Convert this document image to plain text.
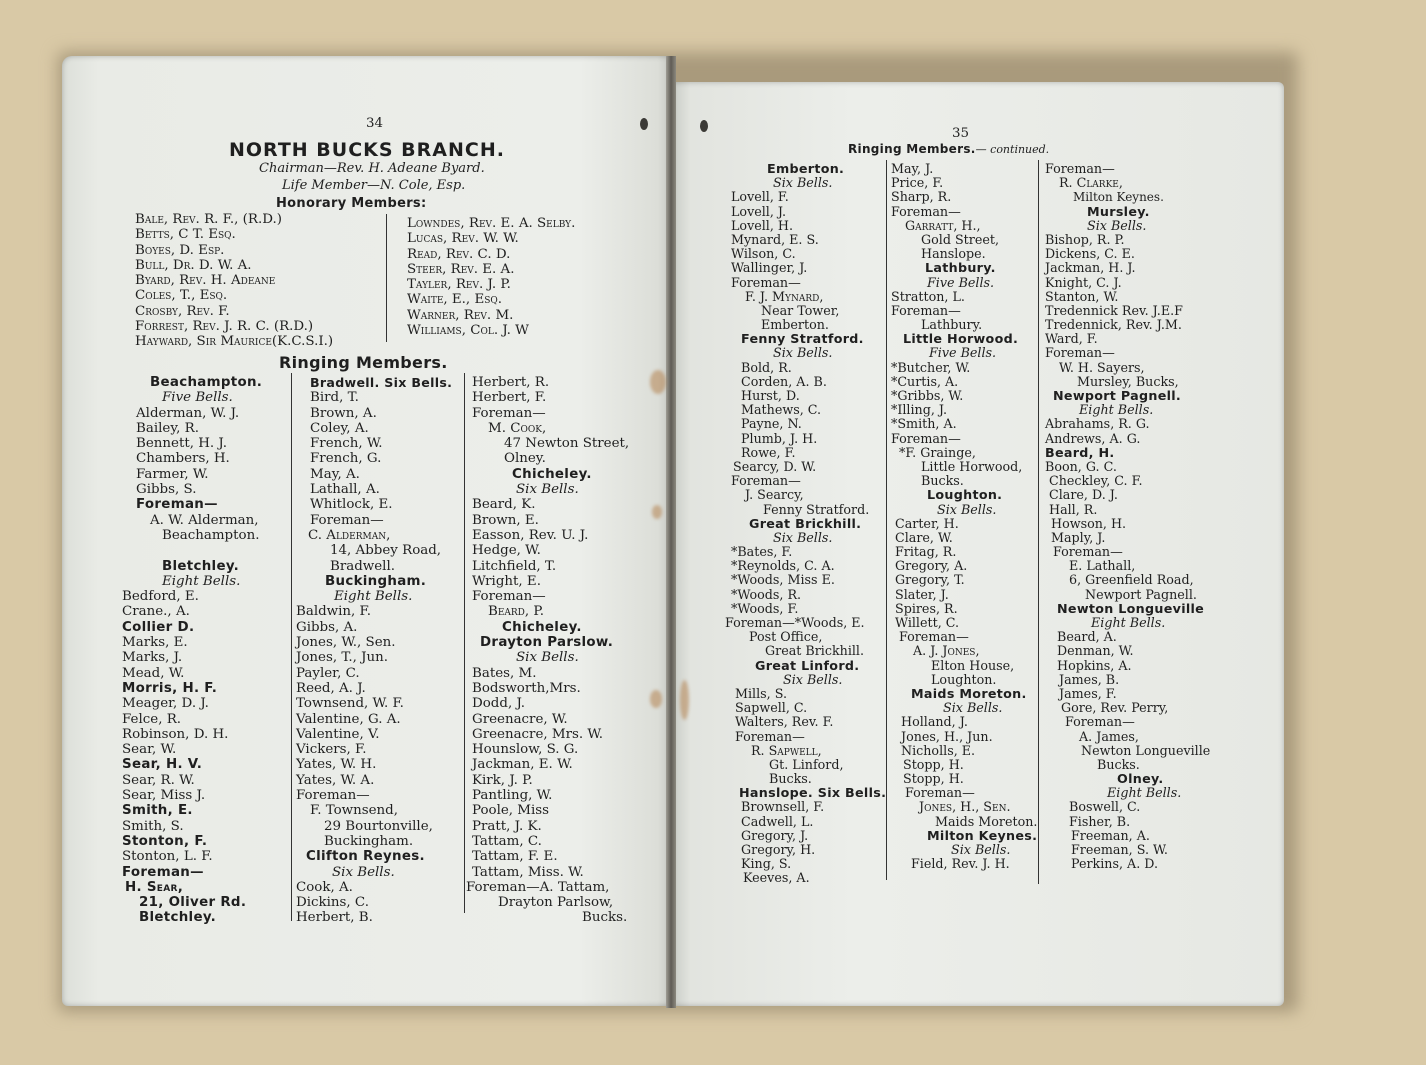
34
NORTH BUCKS BRANCH.
Chairman—Rev. H. Adeane Byard.
Life Member—N. Cole, Esp.
Honorary Members:
Bale, Rev. R. F., (R.D.)
Betts, C T. Esq.
Boyes, D. Esp.
Bull, Dr. D. W. A.
Byard, Rev. H. Adeane
Coles, T., Esq.
Crosby, Rev. F.
Forrest, Rev. J. R. C. (R.D.)
Hayward, Sir Maurice(K.C.S.I.)
Lowndes, Rev. E. A. Selby.
Lucas, Rev. W. W.
Read, Rev. C. D.
Steer, Rev. E. A.
Tayler, Rev. J. P.
Waite, E., Esq.
Warner, Rev. M.
Williams, Col. J. W
Ringing Members.
Beachampton.
Five Bells.
Alderman, W. J.
Bailey, R.
Bennett, H. J.
Chambers, H.
Farmer, W.
Gibbs, S.
Foreman—
A. W. Alderman,
Beachampton.
Bletchley.
Eight Bells.
Bedford, E.
Crane., A.
Collier D.
Marks, E.
Marks, J.
Mead, W.
Morris, H. F.
Meager, D. J.
Felce, R.
Robinson, D. H.
Sear, W.
Sear, H. V.
Sear, R. W.
Sear, Miss J.
Smith, E.
Smith, S.
Stonton, F.
Stonton, L. F.
Foreman—
H. Sear,
21, Oliver Rd.
Bletchley.
Bradwell. Six Bells.
Bird, T.
Brown, A.
Coley, A.
French, W.
French, G.
May, A.
Lathall, A.
Whitlock, E.
Foreman—
C. Alderman,
14, Abbey Road,
Bradwell.
Buckingham.
Eight Bells.
Baldwin, F.
Gibbs, A.
Jones, W., Sen.
Jones, T., Jun.
Payler, C.
Reed, A. J.
Townsend, W. F.
Valentine, G. A.
Valentine, V.
Vickers, F.
Yates, W. H.
Yates, W. A.
Foreman—
F. Townsend,
29 Bourtonville,
Buckingham.
Clifton Reynes.
Six Bells.
Cook, A.
Dickins, C.
Herbert, B.
Herbert, R.
Herbert, F.
Foreman—
M. Cook,
47 Newton Street,
Olney.
Chicheley.
Six Bells.
Beard, K.
Brown, E.
Easson, Rev. U. J.
Hedge, W.
Litchfield, T.
Wright, E.
Foreman—
Beard, P.
Chicheley.
Drayton Parslow.
Six Bells.
Bates, M.
Bodsworth,Mrs.
Dodd, J.
Greenacre, W.
Greenacre, Mrs. W.
Hounslow, S. G.
Jackman, E. W.
Kirk, J. P.
Pantling, W.
Poole, Miss
Pratt, J. K.
Tattam, C.
Tattam, F. E.
Tattam, Miss. W.
Foreman—A. Tattam,
Drayton Parlsow,
Bucks.
35
Ringing Members.— continued.
Emberton.
Six Bells.
Lovell, F.
Lovell, J.
Lovell, H.
Mynard, E. S.
Wilson, C.
Wallinger, J.
Foreman—
F. J. Mynard,
Near Tower,
Emberton.
Fenny Stratford.
Six Bells.
Bold, R.
Corden, A. B.
Hurst, D.
Mathews, C.
Payne, N.
Plumb, J. H.
Rowe, F.
Searcy, D. W.
Foreman—
J. Searcy,
Fenny Stratford.
Great Brickhill.
Six Bells.
*Bates, F.
*Reynolds, C. A.
*Woods, Miss E.
*Woods, R.
*Woods, F.
Foreman—*Woods, E.
Post Office,
Great Brickhill.
Great Linford.
Six Bells.
Mills, S.
Sapwell, C.
Walters, Rev. F.
Foreman—
R. Sapwell,
Gt. Linford,
Bucks.
Hanslope. Six Bells.
Brownsell, F.
Cadwell, L.
Gregory, J.
Gregory, H.
King, S.
Keeves, A.
May, J.
Price, F.
Sharp, R.
Foreman—
Garratt, H.,
Gold Street,
Hanslope.
Lathbury.
Five Bells.
Stratton, L.
Foreman—
Lathbury.
Little Horwood.
Five Bells.
*Butcher, W.
*Curtis, A.
*Gribbs, W.
*Illing, J.
*Smith, A.
Foreman—
*F. Grainge,
Little Horwood,
Bucks.
Loughton.
Six Bells.
Carter, H.
Clare, W.
Fritag, R.
Gregory, A.
Gregory, T.
Slater, J.
Spires, R.
Willett, C.
Foreman—
A. J. Jones,
Elton House,
Loughton.
Maids Moreton.
Six Bells.
Holland, J.
Jones, H., Jun.
Nicholls, E.
Stopp, H.
Stopp, H.
Foreman—
Jones, H., Sen.
Maids Moreton.
Milton Keynes.
Six Bells.
Field, Rev. J. H.
Foreman—
R. Clarke,
Milton Keynes.
Mursley.
Six Bells.
Bishop, R. P.
Dickens, C. E.
Jackman, H. J.
Knight, C. J.
Stanton, W.
Tredennick Rev. J.E.F
Tredennick, Rev. J.M.
Ward, F.
Foreman—
W. H. Sayers,
Mursley, Bucks,
Newport Pagnell.
Eight Bells.
Abrahams, R. G.
Andrews, A. G.
Beard, H.
Boon, G. C.
Checkley, C. F.
Clare, D. J.
Hall, R.
Howson, H.
Maply, J.
Foreman—
E. Lathall,
6, Greenfield Road,
Newport Pagnell.
Newton Longueville
Eight Bells.
Beard, A.
Denman, W.
Hopkins, A.
James, B.
James, F.
Gore, Rev. Perry,
Foreman—
A. James,
Newton Longueville
Bucks.
Olney.
Eight Bells.
Boswell, C.
Fisher, B.
Freeman, A.
Freeman, S. W.
Perkins, A. D.
